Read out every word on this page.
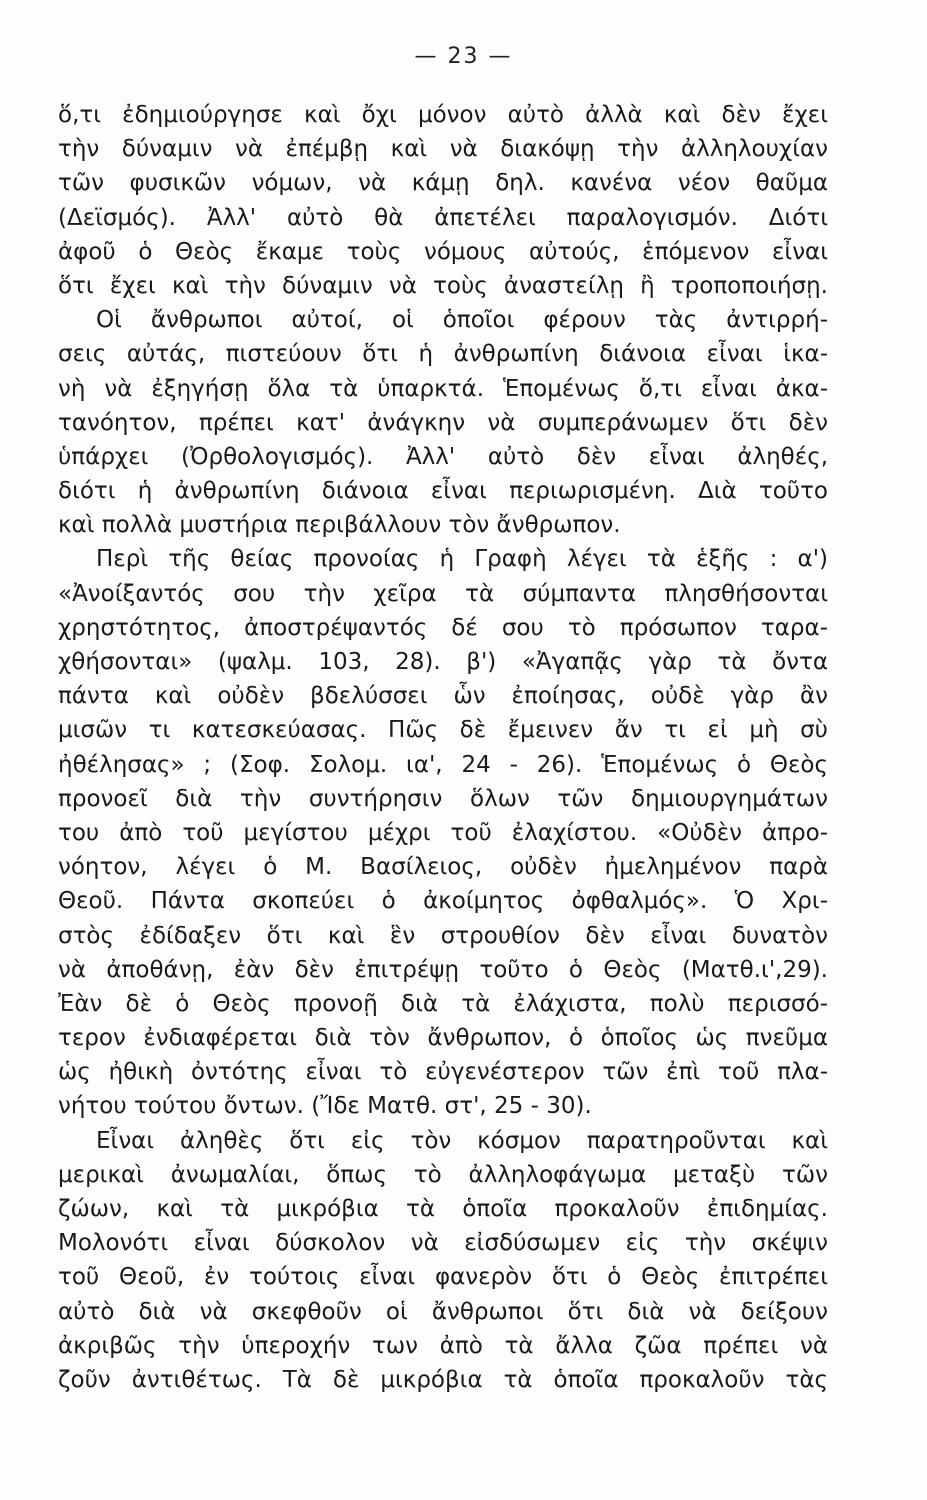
— 23 —
ὅ,τι ἐδημιούργησε καὶ ὄχι μόνον αὐτὸ ἀλλὰ καὶ δὲν ἔχει
τὴν δύναμιν νὰ ἐπέμβῃ καὶ νὰ διακόψῃ τὴν ἀλληλουχίαν
τῶν φυσικῶν νόμων, νὰ κάμῃ δηλ. κανένα νέον θαῦμα
(Δεϊσμός). Ἀλλ' αὐτὸ θὰ ἀπετέλει παραλογισμόν. Διότι
ἀφοῦ ὁ Θεὸς ἔκαμε τοὺς νόμους αὐτούς, ἑπόμενον εἶναι
ὅτι ἔχει καὶ τὴν δύναμιν νὰ τοὺς ἀναστείλῃ ἢ τροποποιήσῃ.
Οἱ ἄνθρωποι αὐτοί, οἱ ὁποῖοι φέρουν τὰς ἀντιρρή-
σεις αὐτάς, πιστεύουν ὅτι ἡ ἀνθρωπίνη διάνοια εἶναι ἱκα-
νὴ νὰ ἐξηγήσῃ ὅλα τὰ ὑπαρκτά. Ἑπομένως ὅ,τι εἶναι ἀκα-
τανόητον, πρέπει κατ' ἀνάγκην νὰ συμπεράνωμεν ὅτι δὲν
ὑπάρχει (Ὀρθολογισμός). Ἀλλ' αὐτὸ δὲν εἶναι ἀληθές,
διότι ἡ ἀνθρωπίνη διάνοια εἶναι περιωρισμένη. Διὰ τοῦτο
καὶ πολλὰ μυστήρια περιβάλλουν τὸν ἄνθρωπον.
Περὶ τῆς θείας προνοίας ἡ Γραφὴ λέγει τὰ ἑξῆς : α')
«Ἀνοίξαντός σου τὴν χεῖρα τὰ σύμπαντα πλησθήσονται
χρηστότητος, ἀποστρέψαντός δέ σου τὸ πρόσωπον ταρα-
χθήσονται» (ψαλμ. 103, 28). β') «Ἀγαπᾷς γὰρ τὰ ὄντα
πάντα καὶ οὐδὲν βδελύσσει ὧν ἐποίησας, οὐδὲ γὰρ ἂν
μισῶν τι κατεσκεύασας. Πῶς δὲ ἔμεινεν ἄν τι εἰ μὴ σὺ
ἠθέλησας» ; (Σοφ. Σολομ. ια', 24 - 26). Ἑπομένως ὁ Θεὸς
προνοεῖ διὰ τὴν συντήρησιν ὅλων τῶν δημιουργημάτων
του ἀπὸ τοῦ μεγίστου μέχρι τοῦ ἐλαχίστου. «Οὐδὲν ἀπρο-
νόητον, λέγει ὁ Μ. Βασίλειος, οὐδὲν ἠμελημένον παρὰ
Θεοῦ. Πάντα σκοπεύει ὁ ἀκοίμητος ὀφθαλμός». Ὁ Χρι-
στὸς ἐδίδαξεν ὅτι καὶ ἓν στρουθίον δὲν εἶναι δυνατὸν
νὰ ἀποθάνῃ, ἐὰν δὲν ἐπιτρέψῃ τοῦτο ὁ Θεὸς (Ματθ.ι',29).
Ἐὰν δὲ ὁ Θεὸς προνοῇ διὰ τὰ ἐλάχιστα, πολὺ περισσό-
τερον ἐνδιαφέρεται διὰ τὸν ἄνθρωπον, ὁ ὁποῖος ὡς πνεῦμα
ὡς ἠθικὴ ὀντότης εἶναι τὸ εὐγενέστερον τῶν ἐπὶ τοῦ πλα-
νήτου τούτου ὄντων. (Ἴδε Ματθ. στ', 25 - 30).
Εἶναι ἀληθὲς ὅτι εἰς τὸν κόσμον παρατηροῦνται καὶ
μερικαὶ ἀνωμαλίαι, ὅπως τὸ ἀλληλοφάγωμα μεταξὺ τῶν
ζώων, καὶ τὰ μικρόβια τὰ ὁποῖα προκαλοῦν ἐπιδημίας.
Μολονότι εἶναι δύσκολον νὰ εἰσδύσωμεν εἰς τὴν σκέψιν
τοῦ Θεοῦ, ἐν τούτοις εἶναι φανερὸν ὅτι ὁ Θεὸς ἐπιτρέπει
αὐτὸ διὰ νὰ σκεφθοῦν οἱ ἄνθρωποι ὅτι διὰ νὰ δείξουν
ἀκριβῶς τὴν ὑπεροχήν των ἀπὸ τὰ ἄλλα ζῶα πρέπει νὰ
ζοῦν ἀντιθέτως. Τὰ δὲ μικρόβια τὰ ὁποῖα προκαλοῦν τὰς
